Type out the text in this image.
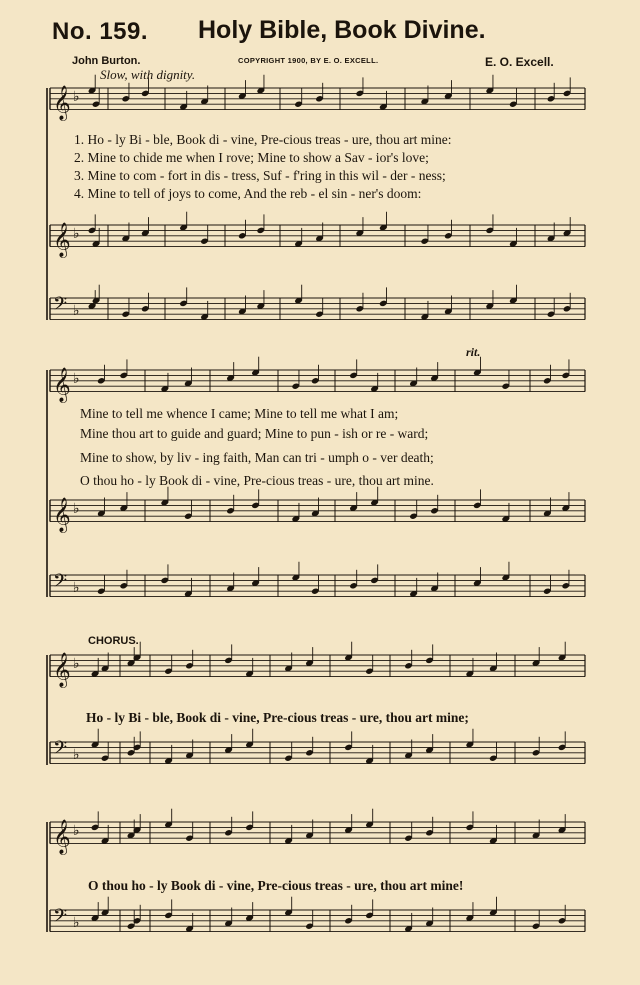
𝄞 ♭
𝄞 ♭
𝄢 ♭
𝄞 ♭
𝄞 ♭
𝄢 ♭
𝄞 ♭
𝄢 ♭
𝄞 ♭
𝄢 ♭
No. 159. Holy Bible, Book Divine.
John Burton.	COPYRIGHT 1900, BY E. O. EXCELL.	E. O. Excell.
Slow, with dignity.
rit.
CHORUS.
1. Ho - ly Bi - ble, Book di - vine, Pre-cious treas - ure, thou art mine:
2. Mine to chide me when I rove; Mine to show a Sav - ior's love;
3. Mine to com - fort in dis - tress, Suf - f'ring in this wil - der - ness;
4. Mine to tell of joys to come, And the reb - el sin - ner's doom:
Mine to tell me whence I came; Mine to tell me what I am;
Mine thou art to guide and guard; Mine to pun - ish or re - ward;
Mine to show, by liv - ing faith, Man can tri - umph o - ver death;
O thou ho - ly Book di - vine, Pre-cious treas - ure, thou art mine.
Ho - ly Bi - ble, Book di - vine, Pre-cious treas - ure, thou art mine;
O thou ho - ly Book di - vine, Pre-cious treas - ure, thou art mine!
